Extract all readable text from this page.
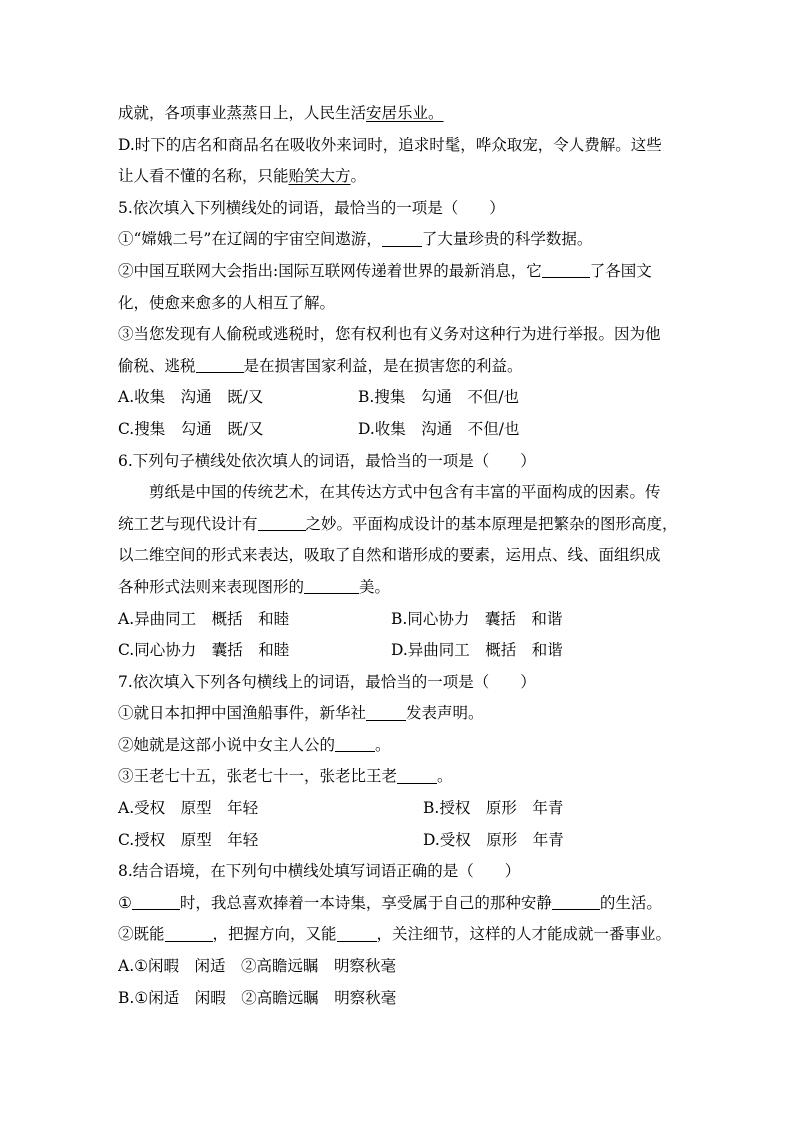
成就，各项事业蒸蒸日上，人民生活安居乐业。
D.时下的店名和商品名在吸收外来词时，追求时髦，哗众取宠，令人费解。这些
让人看不懂的名称，只能贻笑大方。
5.依次填入下列横线处的词语，最恰当的一项是（　　）
①“嫦娥二号”在辽阔的宇宙空间遨游，	了大量珍贵的科学数据。
②中国互联网大会指出:国际互联网传递着世界的最新消息，它	了各国文
化，使愈来愈多的人相互了解。
③当您发现有人偷税或逃税时，您有权利也有义务对这种行为进行举报。因为他
偷税、逃税	是在损害国家利益，是在损害您的利益。
A.收集　沟通　既/又	B.搜集　勾通　不但/也
C.搜集　勾通　既/又	D.收集　沟通　不但/也
6.下列句子横线处依次填人的词语，最恰当的一项是（　　）
剪纸是中国的传统艺术，在其传达方式中包含有丰富的平面构成的因素。传
统工艺与现代设计有	之妙。平面构成设计的基本原理是把繁杂的图形高度，
以二维空间的形式来表达，吸取了自然和谐形成的要素，运用点、线、面组织成
各种形式法则来表现图形的	美。
A.异曲同工　概括　和睦	B.同心协力　囊括　和谐
C.同心协力　囊括　和睦	D.异曲同工　概括　和谐
7.依次填入下列各句横线上的词语，最恰当的一项是（　　）
①就日本扣押中国渔船事件，新华社	发表声明。
②她就是这部小说中女主人公的	。
③王老七十五，张老七十一，张老比王老	。
A.受权　原型　年轻	B.授权　原形　年青
C.授权　原型　年轻	D.受权　原形　年青
8.结合语境，在下列句中横线处填写词语正确的是（　　）
①	时，我总喜欢捧着一本诗集，享受属于自己的那种安静	的生活。
②既能	，把握方向，又能	，关注细节，这样的人才能成就一番事业。
A.①闲暇　闲适　②高瞻远瞩　明察秋毫
B.①闲适　闲暇　②高瞻远瞩　明察秋毫
